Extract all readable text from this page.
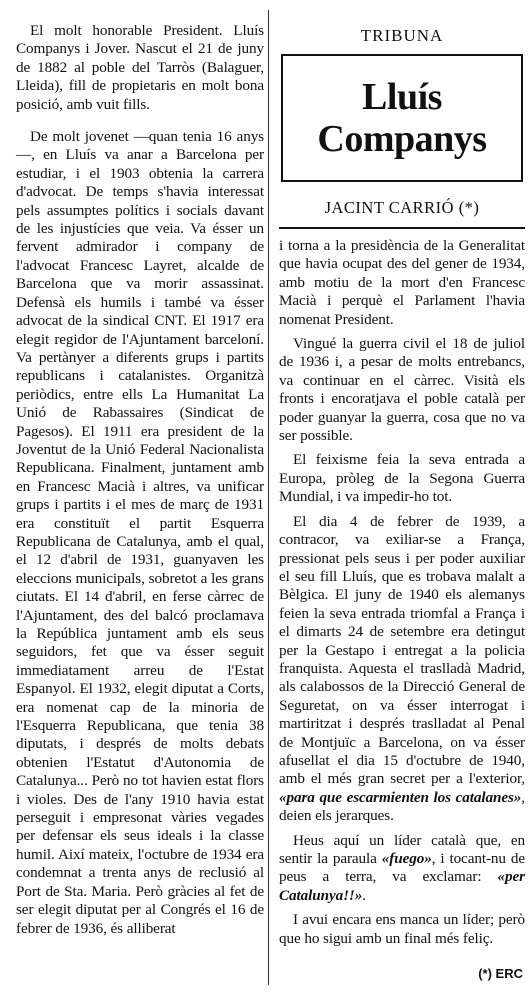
El molt honorable President. Lluís Companys i Jover. Nascut el 21 de juny de 1882 al poble del Tarròs (Balaguer, Lleida), fill de propietaris en molt bona posició, amb vuit fills.

De molt jovenet —quan tenia 16 anys—, en Lluís va anar a Barcelona per estudiar, i el 1903 obtenia la carrera d'advocat. De temps s'havia interessat pels assumptes polítics i socials davant de les injustícies que veia. Va ésser un fervent admirador i company de l'advocat Francesc Layret, alcalde de Barcelona que va morir assassinat. Defensà els humils i també va ésser advocat de la sindical CNT. El 1917 era elegit regidor de l'Ajuntament barceloní. Va pertànyer a diferents grups i partits republicans i catalanistes. Organitzà periòdics, entre ells La Humanitat La Unió de Rabassaires (Sindicat de Pagesos). El 1911 era president de la Joventut de la Unió Federal Nacionalista Republicana. Finalment, juntament amb en Francesc Macià i altres, va unificar grups i partits i el mes de març de 1931 era constituït el partit Esquerra Republicana de Catalunya, amb el qual, el 12 d'abril de 1931, guanyaven les eleccions municipals, sobretot a les grans ciutats. El 14 d'abril, en ferse càrrec de l'Ajuntament, des del balcó proclamava la República juntament amb els seus seguidors, fet que va ésser seguit immediatament arreu de l'Estat Espanyol. El 1932, elegit diputat a Corts, era nomenat cap de la minoria de l'Esquerra Republicana, que tenia 38 diputats, i després de molts debats obtenien l'Estatut d'Autonomia de Catalunya... Però no tot havien estat flors i violes. Des de l'any 1910 havia estat perseguit i empresonat vàries vegades per defensar els seus ideals i la classe humil. Així mateix, l'octubre de 1934 era condemnat a trenta anys de reclusió al Port de Sta. Maria. Però gràcies al fet de ser elegit diputat per al Congrés el 16 de febrer de 1936, és alliberat

TRIBUNA
Lluís
Companys
JACINT CARRIÓ (*)

i torna a la presidència de la Generalitat que havia ocupat des del gener de 1934, amb motiu de la mort d'en Francesc Macià i perquè el Parlament l'havia nomenat President.

Vingué la guerra civil el 18 de juliol de 1936 i, a pesar de molts entrebancs, va continuar en el càrrec. Visità els fronts i encoratjava el poble català per poder guanyar la guerra, cosa que no va ser possible.

El feixisme feia la seva entrada a Europa, pròleg de la Segona Guerra Mundial, i va impedir-ho tot.

El dia 4 de febrer de 1939, a contracor, va exiliar-se a França, pressionat pels seus i per poder auxiliar el seu fill Lluís, que es trobava malalt a Bèlgica. El juny de 1940 els alemanys feien la seva entrada triomfal a França i el dimarts 24 de setembre era detingut per la Gestapo i entregat a la policia franquista. Aquesta el traslladà Madrid, als calabossos de la Direcció General de Seguretat, on va ésser interrogat i martiritzat i després traslladat al Penal de Montjuïc a Barcelona, on va ésser afusellat el dia 15 d'octubre de 1940, amb el més gran secret per a l'exterior, «para que escarmienten los catalanes», deien els jerarques.

Heus aquí un líder català que, en sentir la paraula «fuego», i tocant-nu de peus a terra, va exclamar: «per Catalunya!!».

I avui encara ens manca un líder; però que ho sigui amb un final més feliç.

(*) ERC
